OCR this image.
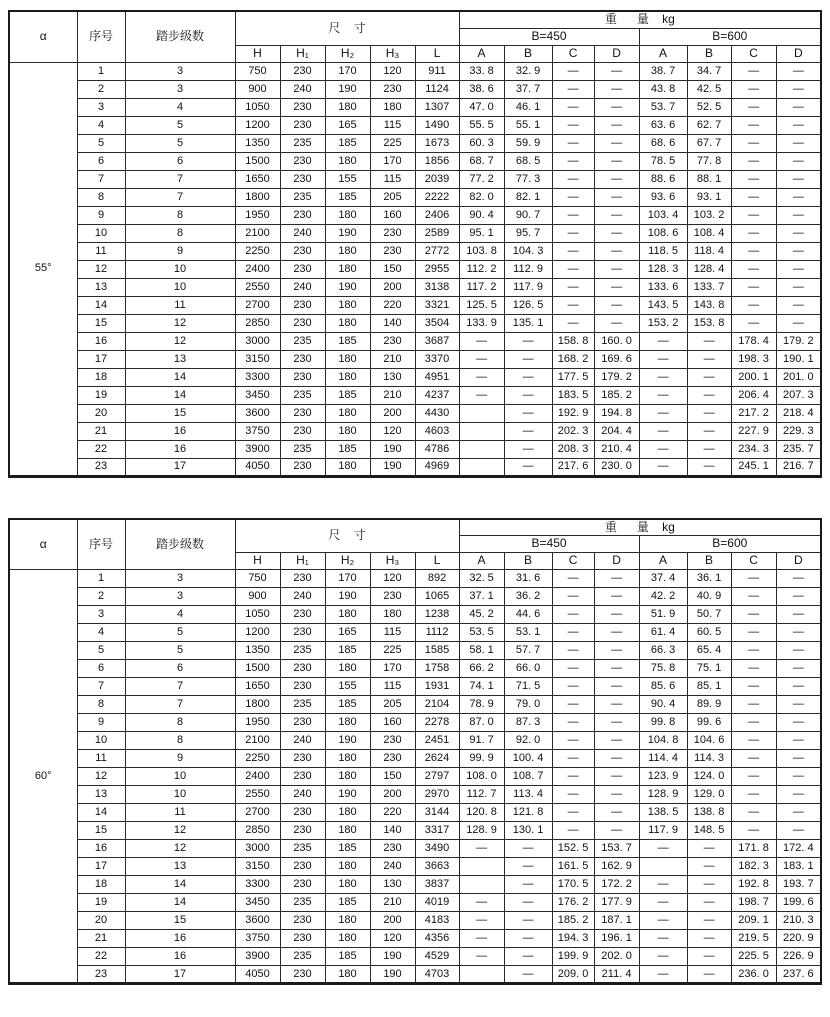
α	序号	踏步级数	尺    寸					重      量    kg							
								B=450				B=600			
			H	H₁	H₂	H₃	L	A	B	C	D	A	B	C	D
55°	1	3	750	230	170	120	911	33. 8	32. 9	—	—	38. 7	34. 7	—	—
	2	3	900	240	190	230	1124	38. 6	37. 7	—	—	43. 8	42. 5	—	—
	3	4	1050	230	180	180	1307	47. 0	46. 1	—	—	53. 7	52. 5	—	—
	4	5	1200	230	165	115	1490	55. 5	55. 1	—	—	63. 6	62. 7	—	—
	5	5	1350	235	185	225	1673	60. 3	59. 9	—	—	68. 6	67. 7	—	—
	6	6	1500	230	180	170	1856	68. 7	68. 5	—	—	78. 5	77. 8	—	—
	7	7	1650	230	155	115	2039	77. 2	77. 3	—	—	88. 6	88. 1	—	—
	8	7	1800	235	185	205	2222	82. 0	82. 1	—	—	93. 6	93. 1	—	—
	9	8	1950	230	180	160	2406	90. 4	90. 7	—	—	103. 4	103. 2	—	—
	10	8	2100	240	190	230	2589	95. 1	95. 7	—	—	108. 6	108. 4	—	—
	11	9	2250	230	180	230	2772	103. 8	104. 3	—	—	118. 5	118. 4	—	—
	12	10	2400	230	180	150	2955	112. 2	112. 9	—	—	128. 3	128. 4	—	—
	13	10	2550	240	190	200	3138	117. 2	117. 9	—	—	133. 6	133. 7	—	—
	14	11	2700	230	180	220	3321	125. 5	126. 5	—	—	143. 5	143. 8	—	—
	15	12	2850	230	180	140	3504	133. 9	135. 1	—	—	153. 2	153. 8	—	—
	16	12	3000	235	185	230	3687	—	—	158. 8	160. 0	—	—	178. 4	179. 2
	17	13	3150	230	180	210	3370	—	—	168. 2	169. 6	—	—	198. 3	190. 1
	18	14	3300	230	180	130	4951	—	—	177. 5	179. 2	—	—	200. 1	201. 0
	19	14	3450	235	185	210	4237	—	—	183. 5	185. 2	—	—	206. 4	207. 3
	20	15	3600	230	180	200	4430		—	192. 9	194. 8	—	—	217. 2	218. 4
	21	16	3750	230	180	120	4603		—	202. 3	204. 4	—	—	227. 9	229. 3
	22	16	3900	235	185	190	4786		—	208. 3	210. 4	—	—	234. 3	235. 7
	23	17	4050	230	180	190	4969		—	217. 6	230. 0	—	—	245. 1	216. 7
α	序号	踏步级数	尺    寸					重      量    kg							
								B=450				B=600			
			H	H₁	H₂	H₃	L	A	B	C	D	A	B	C	D
60°	1	3	750	230	170	120	892	32. 5	31. 6	—	—	37. 4	36. 1	—	—
	2	3	900	240	190	230	1065	37. 1	36. 2	—	—	42. 2	40. 9	—	—
	3	4	1050	230	180	180	1238	45. 2	44. 6	—	—	51. 9	50. 7	—	—
	4	5	1200	230	165	115	1112	53. 5	53. 1	—	—	61. 4	60. 5	—	—
	5	5	1350	235	185	225	1585	58. 1	57. 7	—	—	66. 3	65. 4	—	—
	6	6	1500	230	180	170	1758	66. 2	66. 0	—	—	75. 8	75. 1	—	—
	7	7	1650	230	155	115	1931	74. 1	71. 5	—	—	85. 6	85. 1	—	—
	8	7	1800	235	185	205	2104	78. 9	79. 0	—	—	90. 4	89. 9	—	—
	9	8	1950	230	180	160	2278	87. 0	87. 3	—	—	99. 8	99. 6	—	—
	10	8	2100	240	190	230	2451	91. 7	92. 0	—	—	104. 8	104. 6	—	—
	11	9	2250	230	180	230	2624	99. 9	100. 4	—	—	114. 4	114. 3	—	—
	12	10	2400	230	180	150	2797	108. 0	108. 7	—	—	123. 9	124. 0	—	—
	13	10	2550	240	190	200	2970	112. 7	113. 4	—	—	128. 9	129. 0	—	—
	14	11	2700	230	180	220	3144	120. 8	121. 8	—	—	138. 5	138. 8	—	—
	15	12	2850	230	180	140	3317	128. 9	130. 1	—	—	117. 9	148. 5	—	—
	16	12	3000	235	185	230	3490	—	—	152. 5	153. 7	—	—	171. 8	172. 4
	17	13	3150	230	180	240	3663		—	161. 5	162. 9		—	182. 3	183. 1
	18	14	3300	230	180	130	3837		—	170. 5	172. 2	—	—	192. 8	193. 7
	19	14	3450	235	185	210	4019	—	—	176. 2	177. 9	—	—	198. 7	199. 6
	20	15	3600	230	180	200	4183	—	—	185. 2	187. 1	—	—	209. 1	210. 3
	21	16	3750	230	180	120	4356	—	—	194. 3	196. 1	—	—	219. 5	220. 9
	22	16	3900	235	185	190	4529	—	—	199. 9	202. 0	—	—	225. 5	226. 9
	23	17	4050	230	180	190	4703		—	209. 0	211. 4	—	—	236. 0	237. 6
